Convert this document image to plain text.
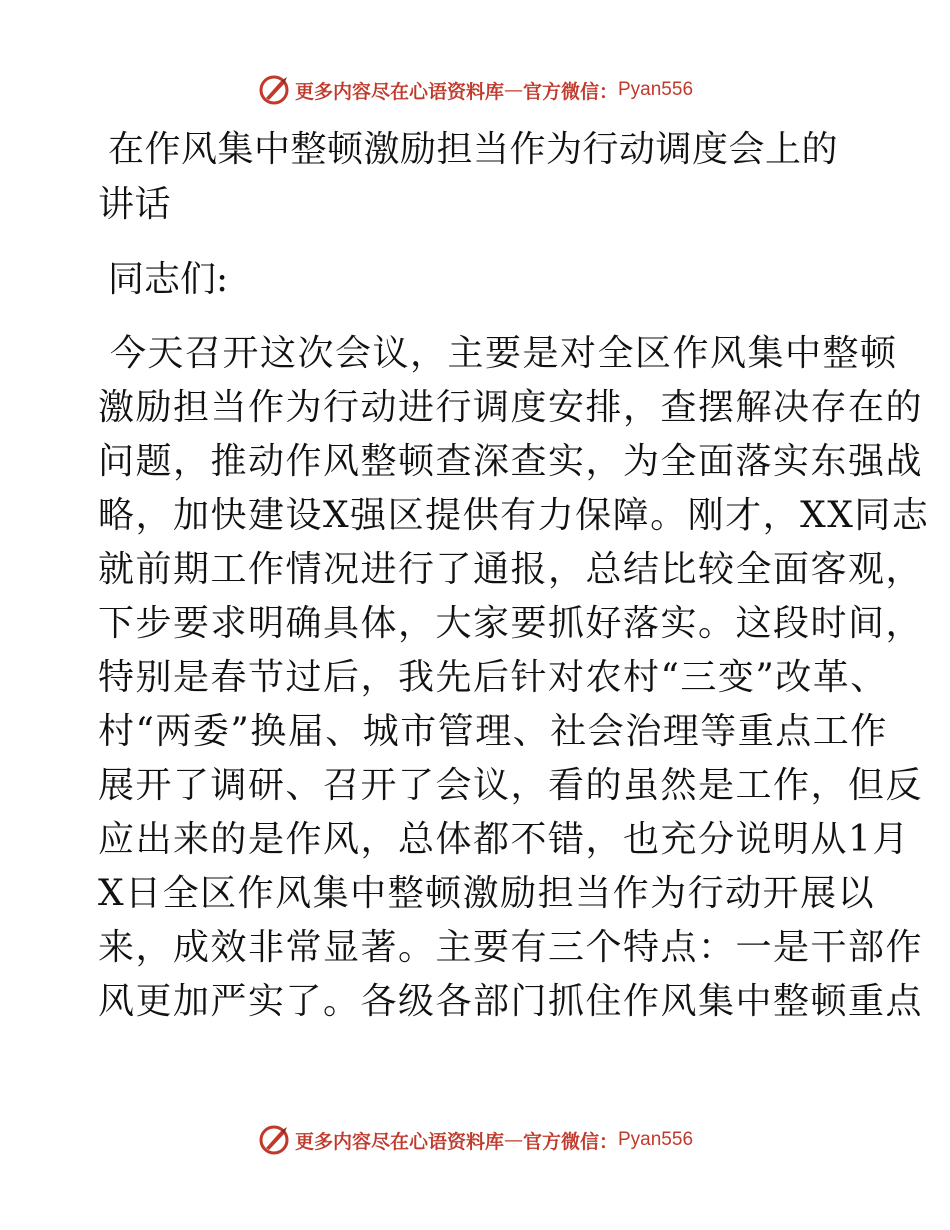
更多内容尽在心语资料库 — 官方微信： Pyan556
在作风集中整顿激励担当作为行动调度会上的讲话
同志们:
今天召开这次会议，主要是对全区作风集中整顿
激励担当作为行动进行调度安排，查摆解决存在的
问题，推动作风整顿查深查实，为全面落实东强战
略，加快建设X强区提供有力保障。刚才，XX同志
就前期工作情况进行了通报，总结比较全面客观，
下步要求明确具体，大家要抓好落实。这段时间，
特别是春节过后，我先后针对农村“三变”改革、
村“两委”换届、城市管理、社会治理等重点工作
展开了调研、召开了会议，看的虽然是工作，但反
应出来的是作风，总体都不错，也充分说明从1月
X日全区作风集中整顿激励担当作为行动开展以
来，成效非常显著。主要有三个特点：一是干部作
风更加严实了。各级各部门抓住作风集中整顿重点
更多内容尽在心语资料库 — 官方微信： Pyan556
